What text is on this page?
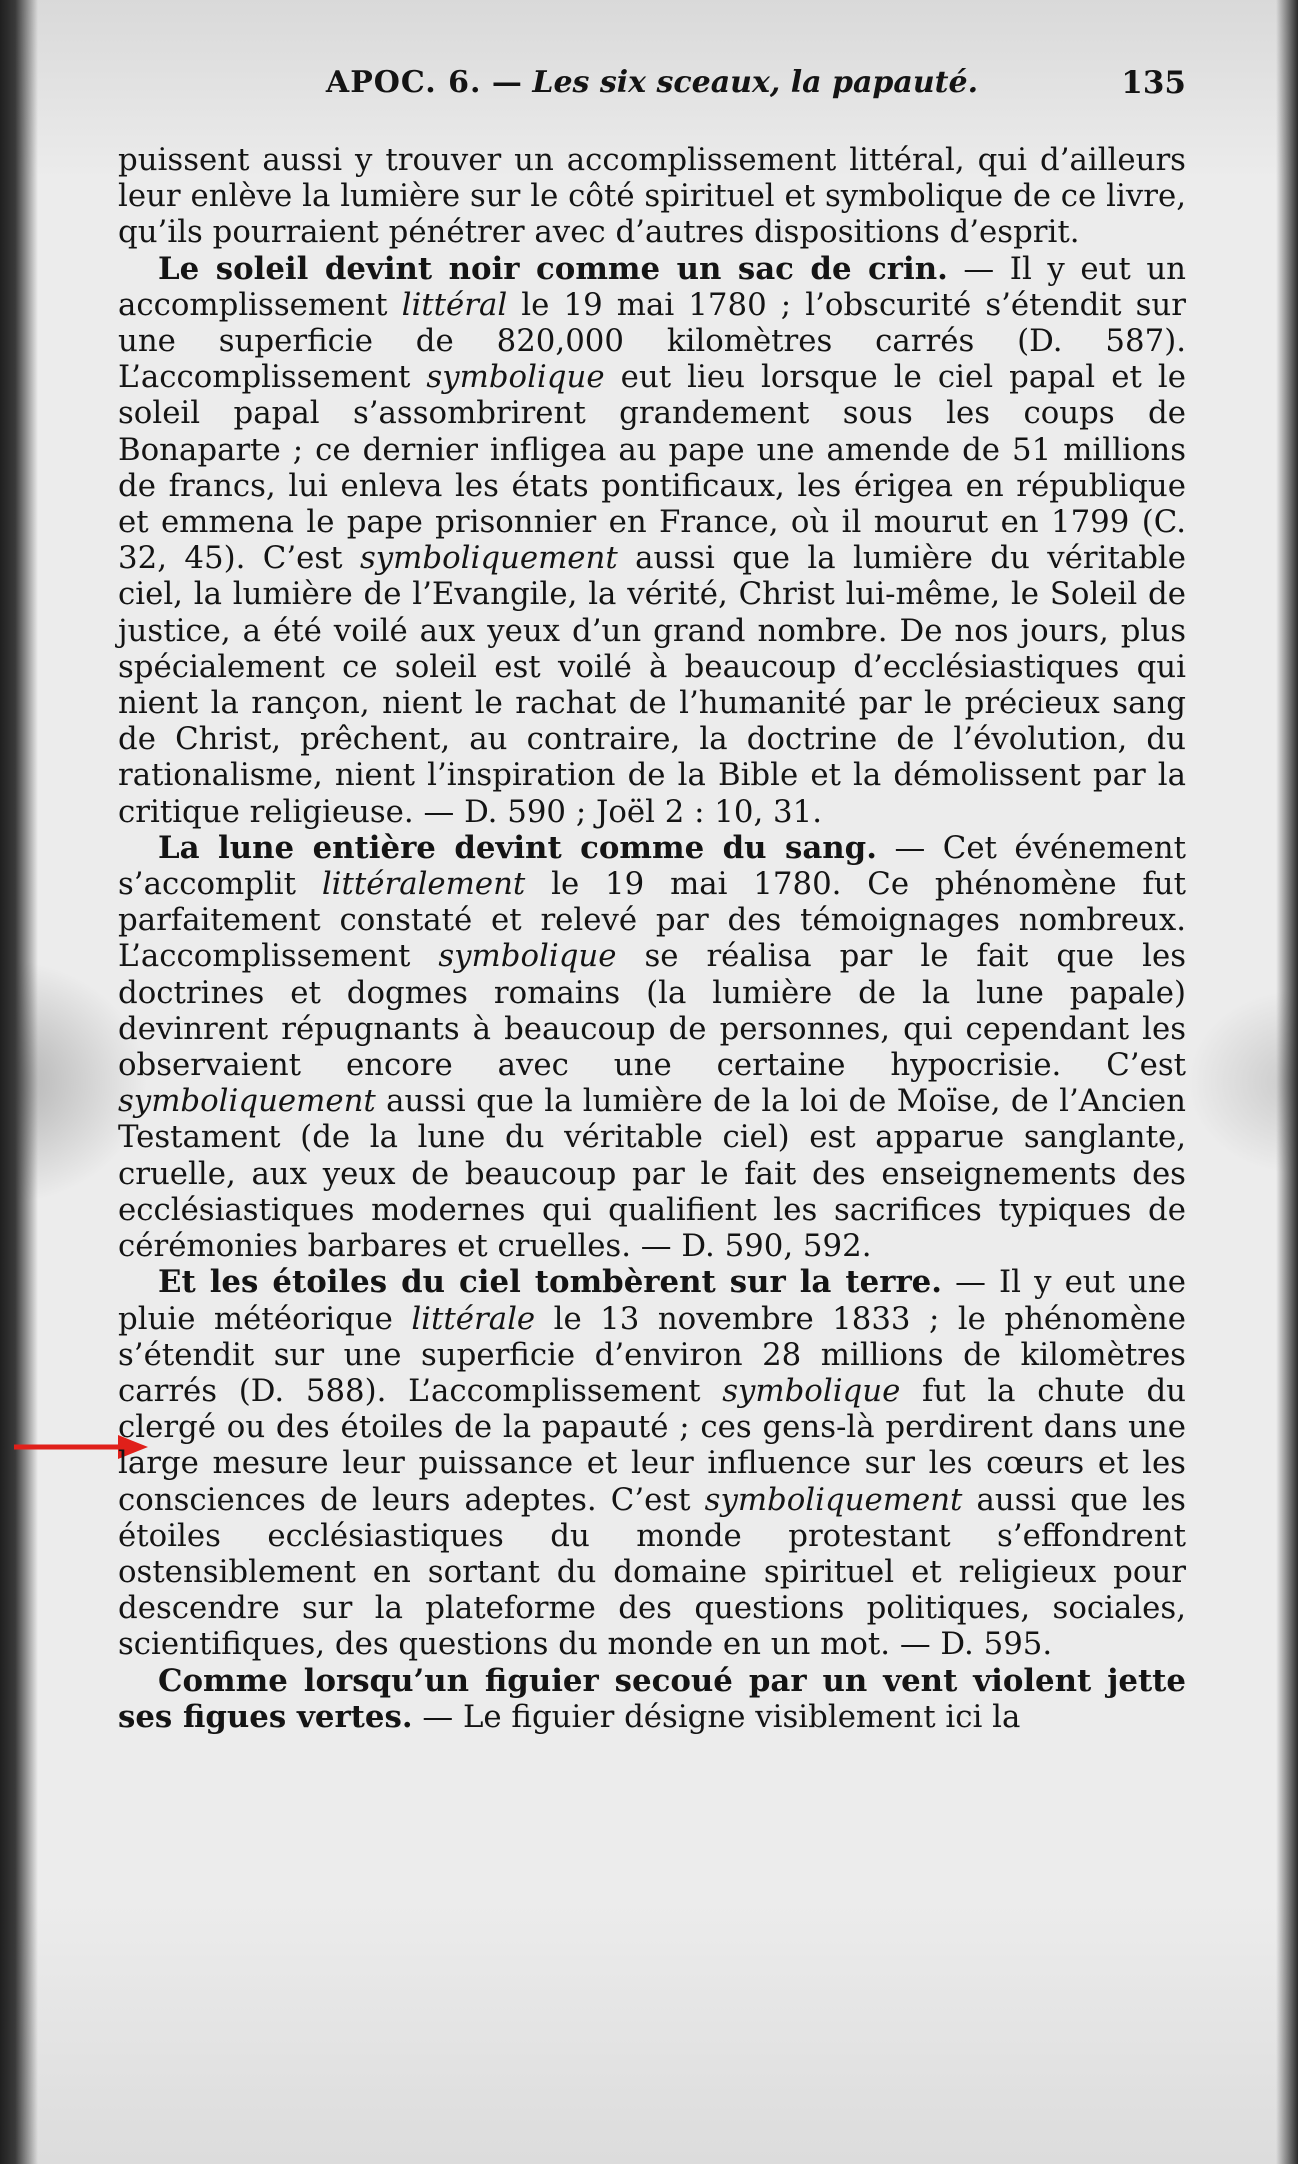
APOC. 6. — Les six sceaux, la papauté.	135

puissent aussi y trouver un accomplissement littéral, qui d’ailleurs leur enlève la lumière sur le côté spirituel et symbolique de ce livre, qu’ils pourraient pénétrer avec d’autres dispositions d’esprit.

Le soleil devint noir comme un sac de crin. — Il y eut un accomplissement littéral le 19 mai 1780 ; l’obscurité s’étendit sur une superficie de 820,000 kilomètres carrés (D. 587). L’accomplissement symbolique eut lieu lorsque le ciel papal et le soleil papal s’assombrirent grandement sous les coups de Bonaparte ; ce dernier infligea au pape une amende de 51 millions de francs, lui enleva les états pontificaux, les érigea en république et emmena le pape prisonnier en France, où il mourut en 1799 (C. 32, 45). C’est symboliquement aussi que la lumière du véritable ciel, la lumière de l’Evangile, la vérité, Christ lui-même, le Soleil de justice, a été voilé aux yeux d’un grand nombre. De nos jours, plus spécialement ce soleil est voilé à beaucoup d’ecclésiastiques qui nient la rançon, nient le rachat de l’humanité par le précieux sang de Christ, prêchent, au contraire, la doctrine de l’évolution, du rationalisme, nient l’inspiration de la Bible et la démolissent par la critique religieuse. — D. 590 ; Joël 2 : 10, 31.

La lune entière devint comme du sang. — Cet événement s’accomplit littéralement le 19 mai 1780. Ce phénomène fut parfaitement constaté et relevé par des témoignages nombreux. L’accomplissement symbolique se réalisa par le fait que les doctrines et dogmes romains (la lumière de la lune papale) devinrent répugnants à beaucoup de personnes, qui cependant les observaient encore avec une certaine hypocrisie. C’est symboliquement aussi que la lumière de la loi de Moïse, de l’Ancien Testament (de la lune du véritable ciel) est apparue sanglante, cruelle, aux yeux de beaucoup par le fait des enseignements des ecclésiastiques modernes qui qualifient les sacrifices typiques de cérémonies barbares et cruelles. — D. 590, 592.

Et les étoiles du ciel tombèrent sur la terre. — Il y eut une pluie météorique littérale le 13 novembre 1833 ; le phénomène s’étendit sur une superficie d’environ 28 millions de kilomètres carrés (D. 588). L’accomplissement symbolique fut la chute du clergé ou des étoiles de la papauté ; ces gens-là perdirent dans une large mesure leur puissance et leur influence sur les cœurs et les consciences de leurs adeptes. C’est symboliquement aussi que les étoiles ecclésiastiques du monde protestant s’effondrent ostensiblement en sortant du domaine spirituel et religieux pour descendre sur la plateforme des questions politiques, sociales, scientifiques, des questions du monde en un mot. — D. 595.

Comme lorsqu’un figuier secoué par un vent violent jette ses figues vertes. — Le figuier désigne visiblement ici la
